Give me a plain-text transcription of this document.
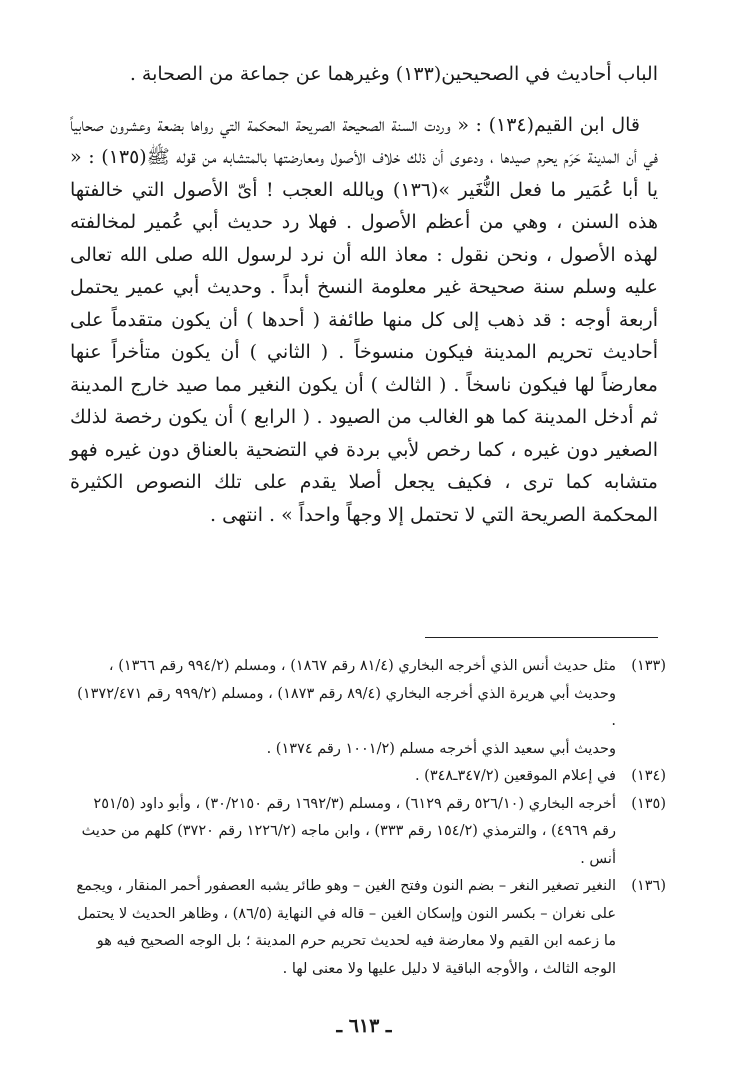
الباب أحاديث في الصحيحين(١٣٣) وغيرهما عن جماعة من الصحابة .

قال ابن القيم(١٣٤) : « وردت السنة الصحيحة الصريحة المحكمة التي رواها بضعة وعشرون صحابياً في أن المدينة حَرَم يحرم صيدها ، ودعوى أن ذلك خلاف الأصول ومعارضتها بالمتشابه من قوله ﷺ(١٣٥) : « يا أبا عُمَير ما فعل النُّغَير »(١٣٦) ويالله العجب ! أىّ الأصول التي خالفتها هذه السنن ، وهي من أعظم الأصول . فهلا رد حديث أبي عُمير لمخالفته لهذه الأصول ، ونحن نقول : معاذ الله أن نرد لرسول الله صلى الله تعالى عليه وسلم سنة صحيحة غير معلومة النسخ أبداً . وحديث أبي عمير يحتمل أربعة أوجه : قد ذهب إلى كل منها طائفة ( أحدها ) أن يكون متقدماً على أحاديث تحريم المدينة فيكون منسوخاً . ( الثاني ) أن يكون متأخراً عنها معارضاً لها فيكون ناسخاً . ( الثالث ) أن يكون النغير مما صيد خارج المدينة ثم أدخل المدينة كما هو الغالب من الصيود . ( الرابع ) أن يكون رخصة لذلك الصغير دون غيره ، كما رخص لأبي بردة في التضحية بالعناق دون غيره فهو متشابه كما ترى ، فكيف يجعل أصلا يقدم على تلك النصوص الكثيرة المحكمة الصريحة التي لا تحتمل إلا وجهاً واحداً » . انتهى .

(١٣٣)
مثل حديث أنس الذي أخرجه البخاري (٨١/٤ رقم ١٨٦٧) ، ومسلم (٩٩٤/٢ رقم ١٣٦٦) ، وحديث أبي هريرة الذي أخرجه البخاري (٨٩/٤ رقم ١٨٧٣) ، ومسلم (٩٩٩/٢ رقم ١٣٧٢/٤٧١) .
وحديث أبي سعيد الذي أخرجه مسلم (١٠٠١/٢ رقم ١٣٧٤) .
(١٣٤)
في إعلام الموقعين (٣٤٧/٢ـ٣٤٨) .
(١٣٥)
أخرجه البخاري (٥٢٦/١٠ رقم ٦١٢٩) ، ومسلم (١٦٩٢/٣ رقم ٣٠/٢١٥٠) ، وأبو داود (٢٥١/٥ رقم ٤٩٦٩) ، والترمذي (١٥٤/٢ رقم ٣٣٣) ، وابن ماجه (١٢٢٦/٢ رقم ٣٧٢٠) كلهم من حديث أنس .
(١٣٦)
النغير تصغير النغر – بضم النون وفتح الغين – وهو طائر يشبه العصفور أحمر المنقار ، ويجمع على نغران – بكسر النون وإسكان الغين – قاله في النهاية (٨٦/٥) ، وظاهر الحديث لا يحتمل ما زعمه ابن القيم ولا معارضة فيه لحديث تحريم حرم المدينة ؛ بل الوجه الصحيح فيه هو الوجه الثالث ، والأوجه الباقية لا دليل عليها ولا معنى لها .
ـ ٦١٣ ـ
